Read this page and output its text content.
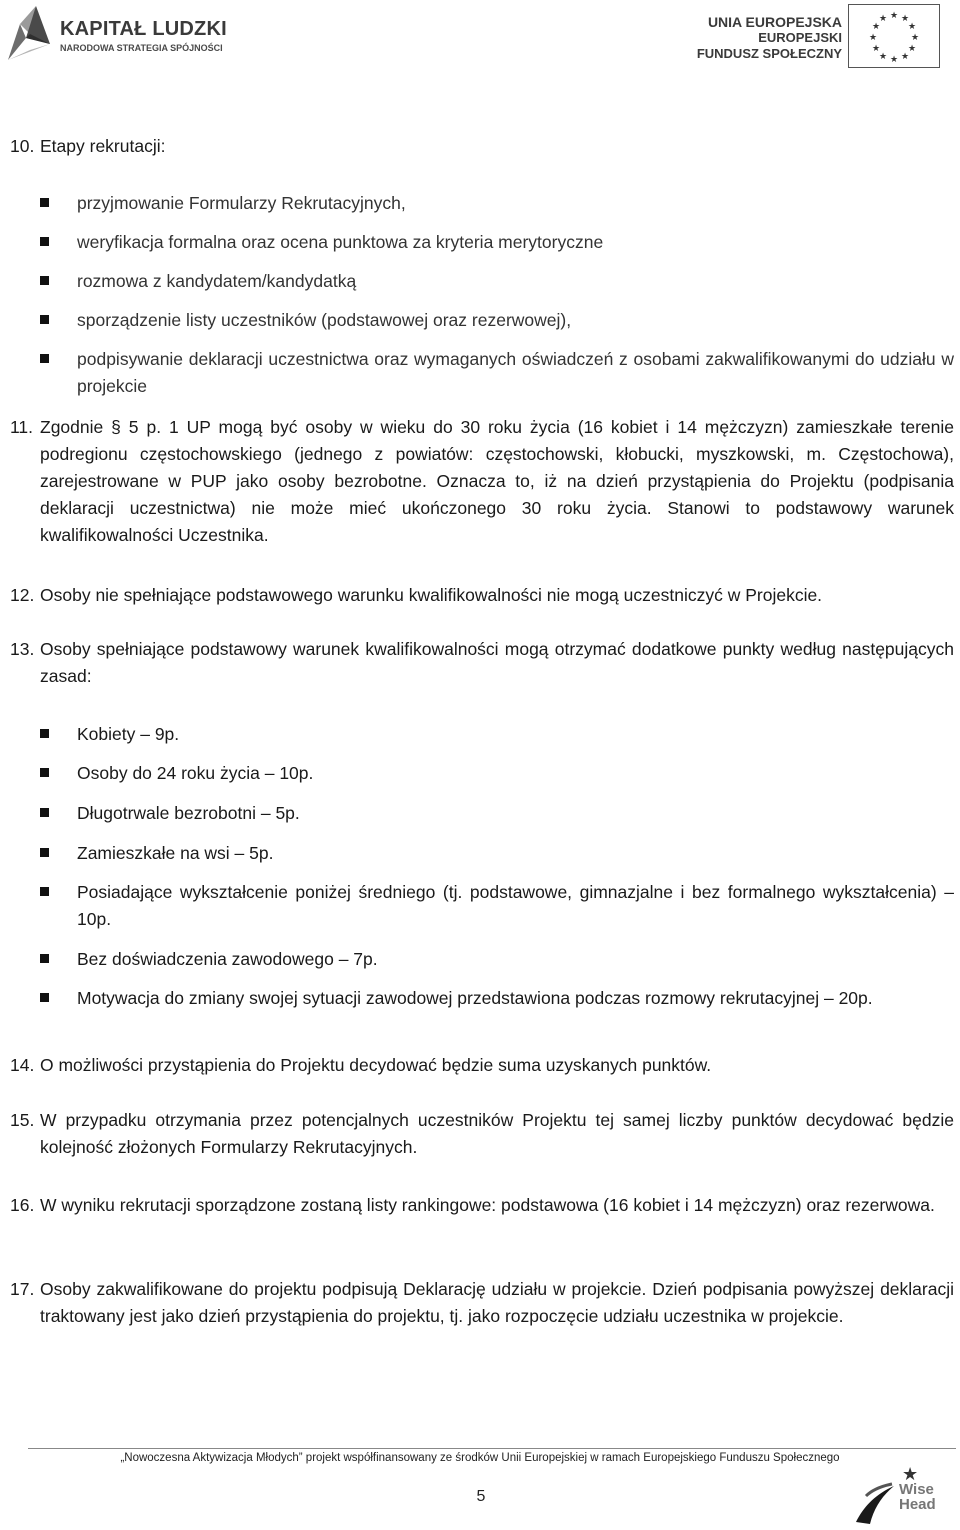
KAPITAŁ LUDZKI
NARODOWA STRATEGIA SPÓJNOŚCI
UNIA EUROPEJSKA
EUROPEJSKI
FUNDUSZ SPOŁECZNY
★ ★
★
★
★
★
★
★
★
★
★
★
10. Etapy rekrutacji:
przyjmowanie Formularzy Rekrutacyjnych,
weryfikacja formalna oraz ocena punktowa za kryteria merytoryczne
rozmowa z kandydatem/kandydatką
sporządzenie listy uczestników (podstawowej oraz rezerwowej),
podpisywanie deklaracji uczestnictwa oraz wymaganych oświadczeń z osobami zakwalifikowanymi do udziału w projekcie
11. Zgodnie § 5 p. 1 UP mogą być osoby w wieku do 30 roku życia (16 kobiet i 14 mężczyzn) zamieszkałe terenie podregionu częstochowskiego (jednego z powiatów: częstochowski, kłobucki, myszkowski, m. Częstochowa), zarejestrowane w PUP jako osoby bezrobotne. Oznacza to, iż na dzień przystąpienia do Projektu (podpisania deklaracji uczestnictwa) nie może mieć ukończonego 30 roku życia. Stanowi to podstawowy warunek kwalifikowalności Uczestnika.
12. Osoby nie spełniające podstawowego warunku kwalifikowalności nie mogą uczestniczyć w Projekcie.
13. Osoby spełniające podstawowy warunek kwalifikowalności mogą otrzymać dodatkowe punkty według następujących zasad:
Kobiety – 9p.
Osoby do 24 roku życia – 10p.
Długotrwale bezrobotni – 5p.
Zamieszkałe na wsi – 5p.
Posiadające wykształcenie poniżej średniego (tj. podstawowe, gimnazjalne i bez formalnego wykształcenia) – 10p.
Bez doświadczenia zawodowego – 7p.
Motywacja do zmiany swojej sytuacji zawodowej przedstawiona podczas rozmowy rekrutacyjnej – 20p.
14. O możliwości przystąpienia do Projektu decydować będzie suma uzyskanych punktów.
15. W przypadku otrzymania przez potencjalnych uczestników Projektu tej samej liczby punktów decydować będzie kolejność złożonych Formularzy Rekrutacyjnych.
16. W wyniku rekrutacji sporządzone zostaną listy rankingowe: podstawowa (16 kobiet i 14 mężczyzn) oraz rezerwowa.
17. Osoby zakwalifikowane do projektu podpisują Deklarację udziału w projekcie. Dzień podpisania powyższej deklaracji traktowany jest jako dzień przystąpienia do projektu, tj. jako rozpoczęcie udziału uczestnika w projekcie.
„Nowoczesna Aktywizacja Młodych” projekt współfinansowany ze środków Unii Europejskiej w ramach Europejskiego Funduszu Społecznego
5
★
Wise
Head
